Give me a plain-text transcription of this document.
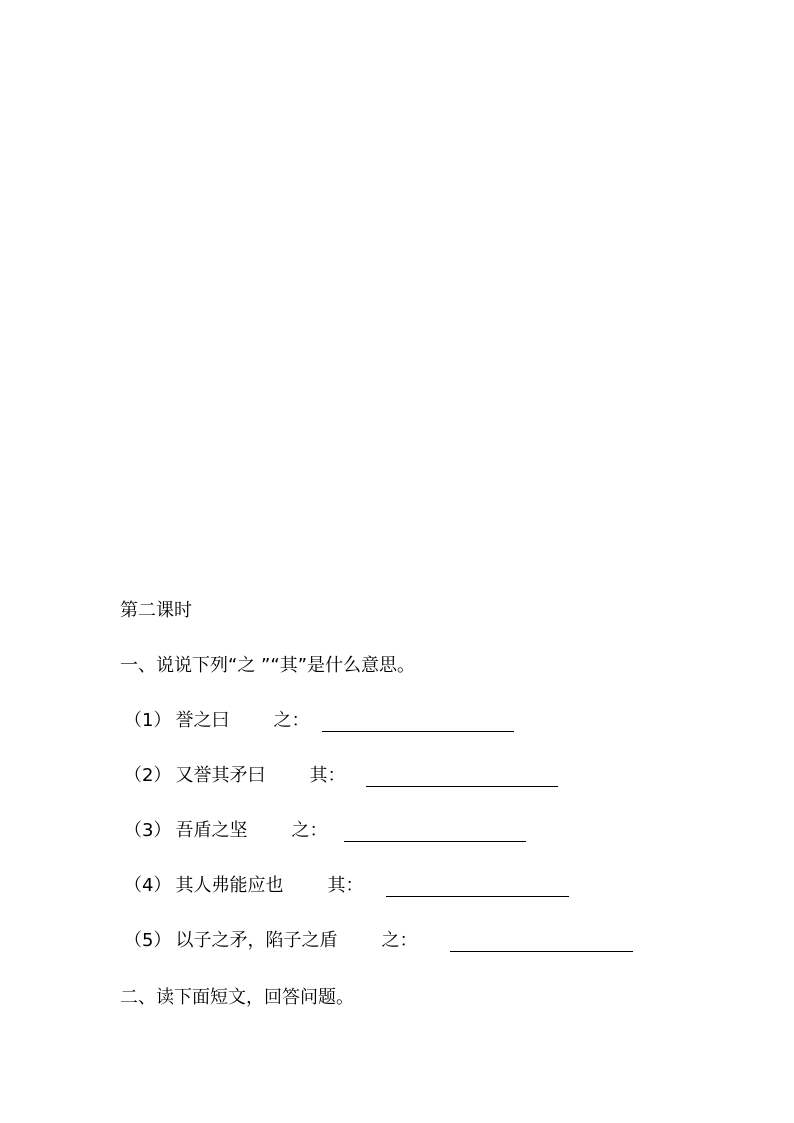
第二课时
一、说说下列“之 ”“其”是什么意思。
（1） 誉之曰 之：
（2） 又誉其矛曰 其：
（3） 吾盾之坚 之：
（4） 其人弗能应也 其：
（5） 以子之矛，陷子之盾 之：
二、读下面短文，回答问题。
